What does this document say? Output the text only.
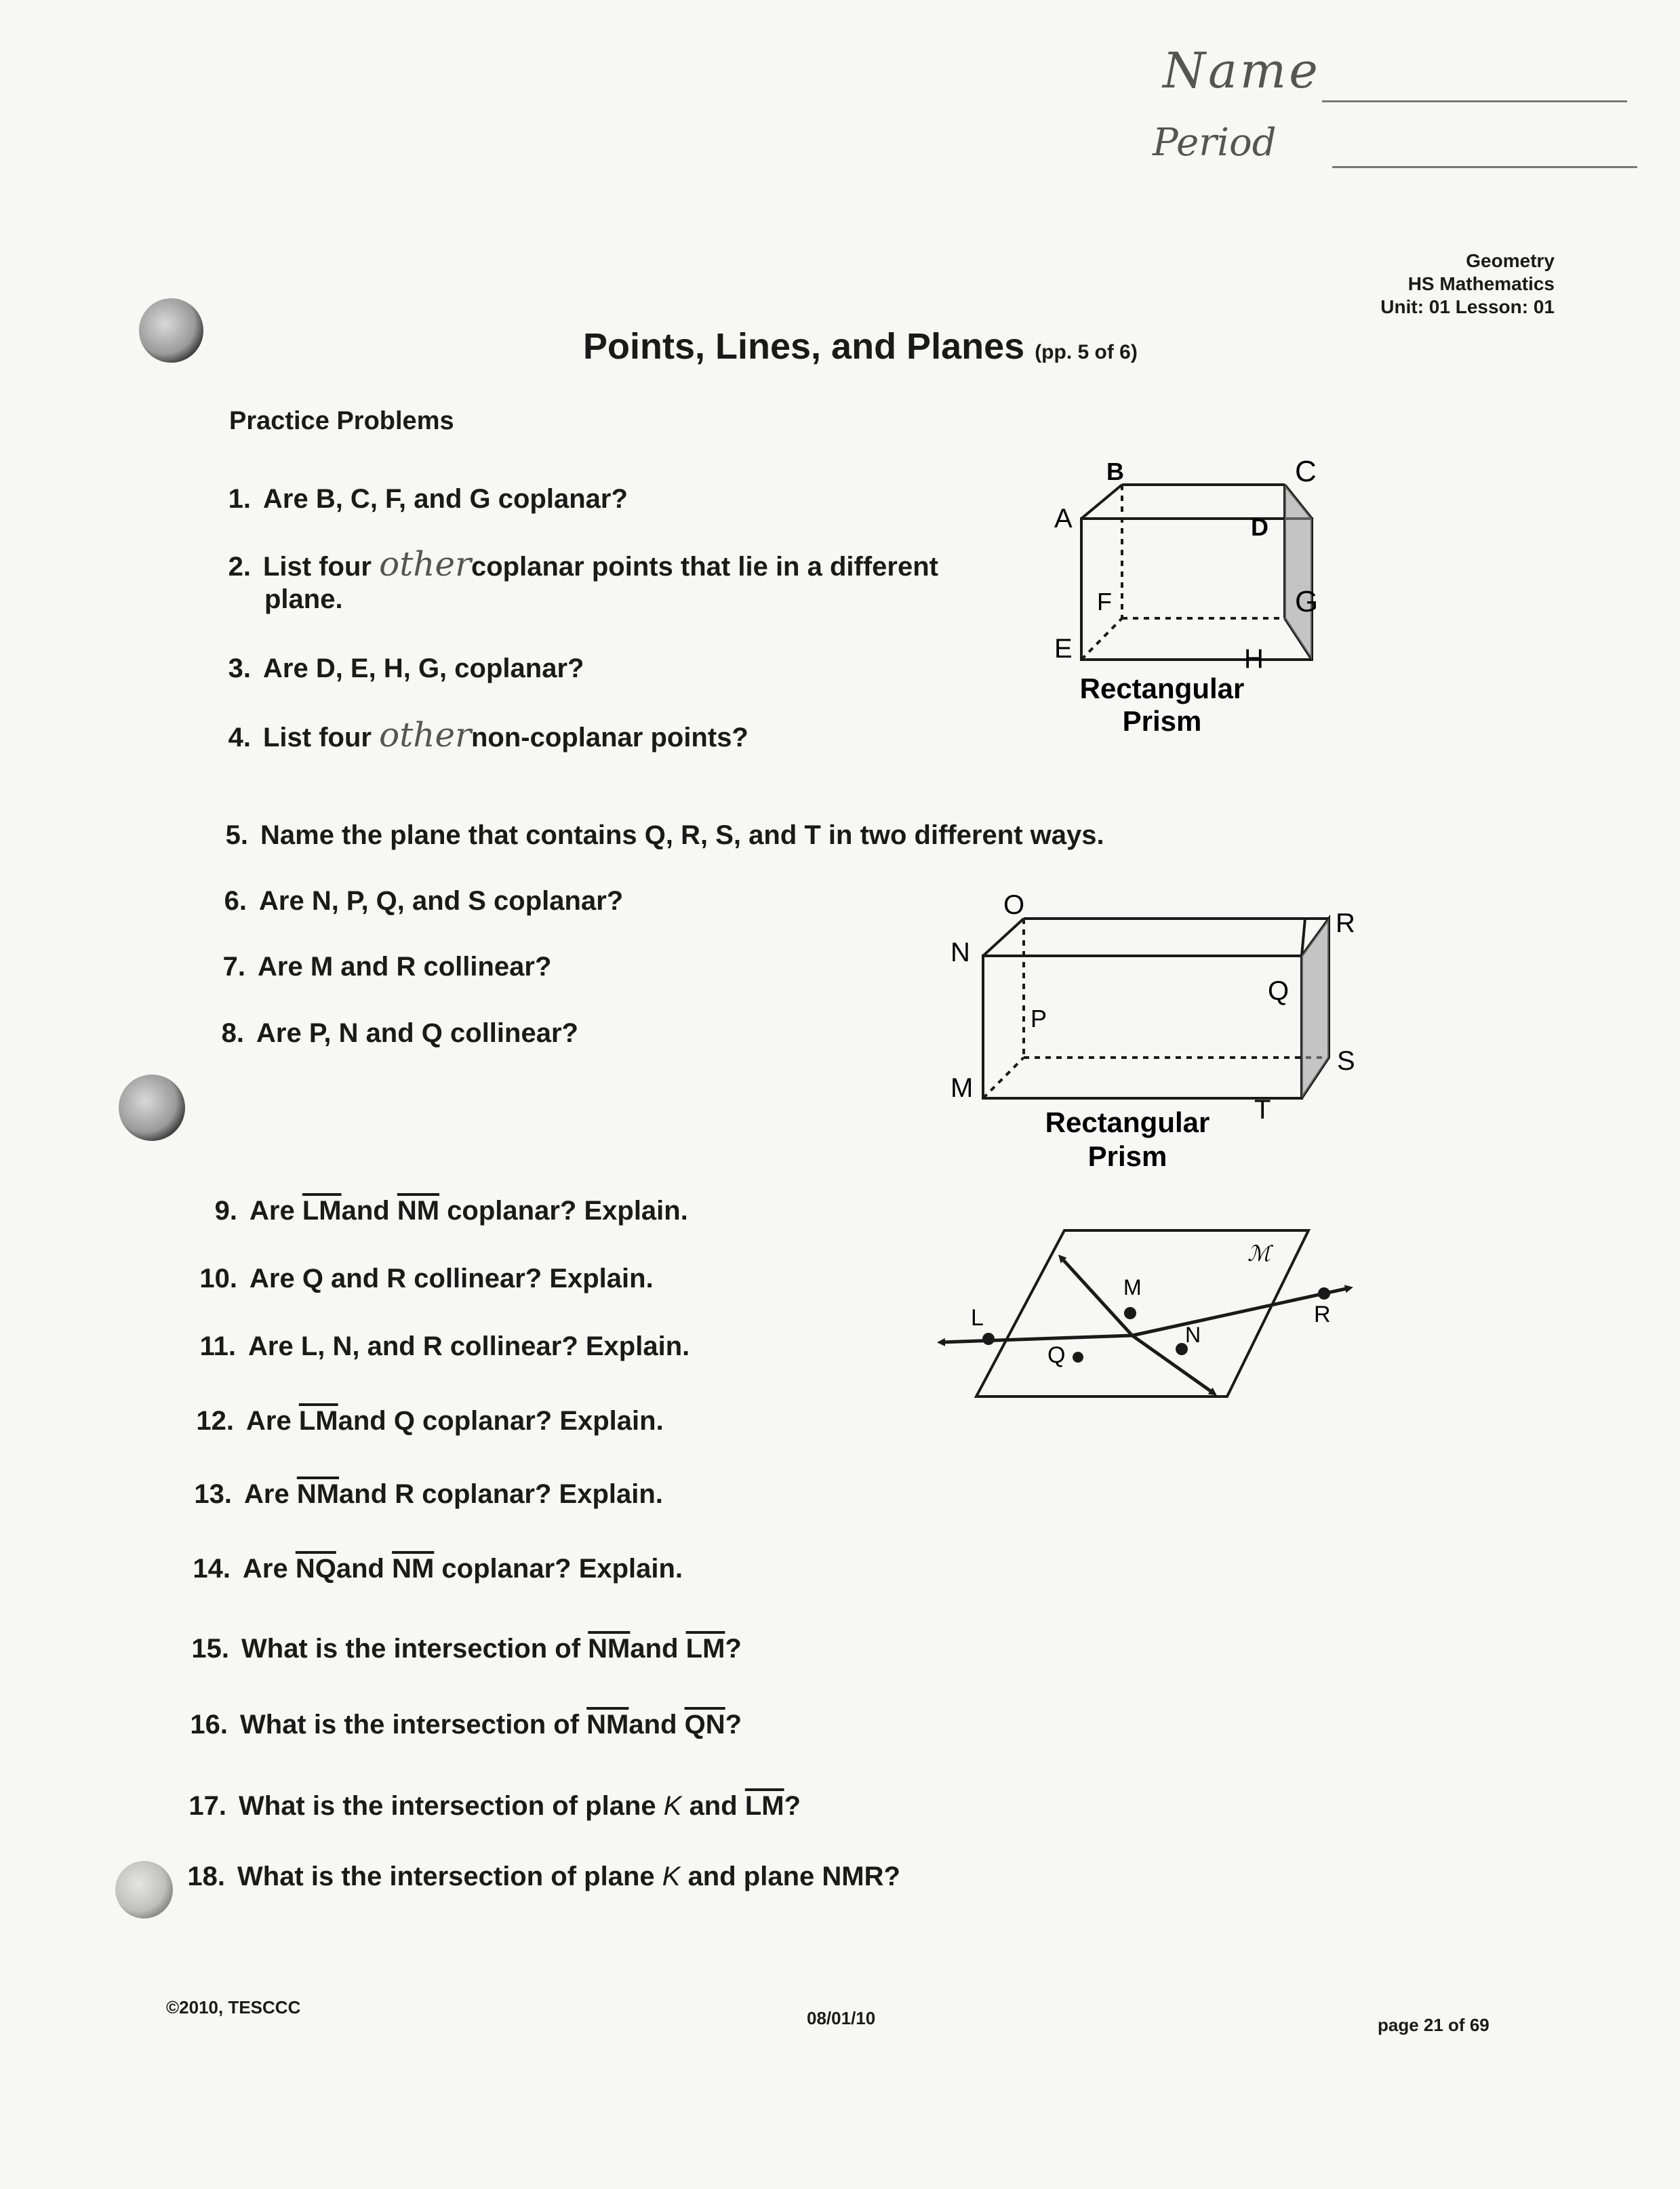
Name
Period
Geometry
HS Mathematics
Unit: 01 Lesson: 01
Points, Lines, and Planes (pp. 5 of 6)
Practice Problems
1. Are B, C, F, and G coplanar?
2. List four othercoplanar points that lie in a different
plane.
3. Are D, E, H, G, coplanar?
4. List four othernon-coplanar points?
B	C
A	D
F	G
E	H
Rectangular
Prism
5. Name the plane that contains Q, R, S, and T in two different ways.
6. Are N, P, Q, and S coplanar?
7. Are M and R collinear?
8. Are P, N and Q collinear?
O
R
N
Q
P
S
M
T
Rectangular
Prism
9. Are $\overline{LM}and$ $\overline{NM}$ coplanar? Explain.
10. Are Q and R collinear? Explain.
11. Are L, N, and R collinear? Explain.
12. Are $\overline{LM}and$ Q coplanar? Explain.
13. Are $\overline{NM}and$ R coplanar? Explain.
14. Are $\overline{NQ}and$ $\overline{NM}$ coplanar? Explain.
15. What is the intersection of $\overline{NM}and$ $\overline{LM}$?
16. What is the intersection of $\overline{NM}and$ $\overline{QN}$?
17. What is the intersection of plane K and $\overline{LM}$?
18. What is the intersection of plane K and plane NMR?
ℳ
L
M
N
R
Q
©2010, TESCCC
08/01/10	page 21 of 69
